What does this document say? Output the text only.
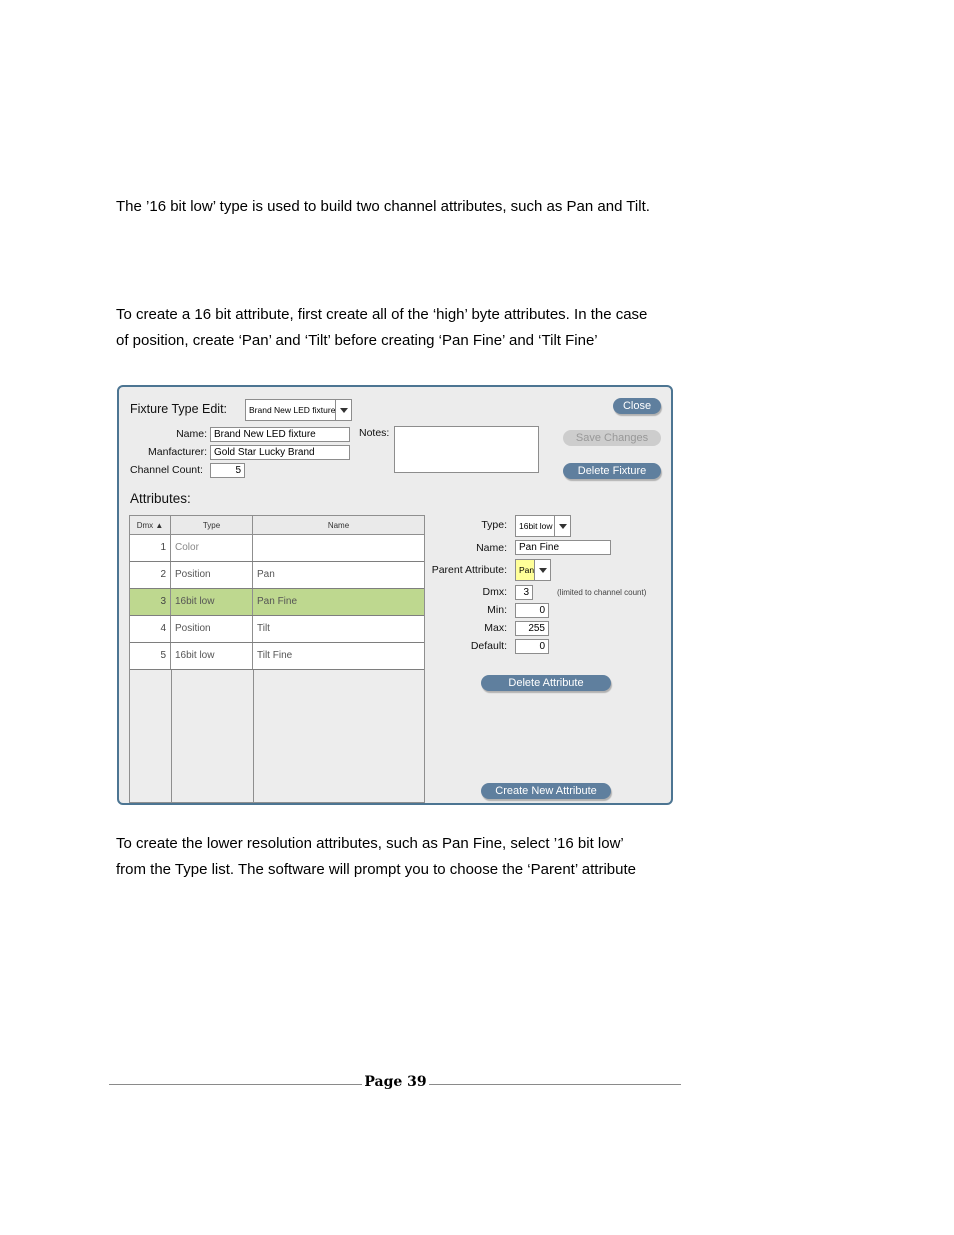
The ’16 bit low’ type is used to build two channel attributes, such as Pan and Tilt.

To create a 16 bit attribute, first create all of the ‘high’ byte attributes. In the case
of position, create ‘Pan’ and ‘Tilt’ before creating ‘Pan Fine’ and ‘Tilt Fine’

Fixture Type Edit:	Brand New LED fixture	Close
Save Changes
Delete Fixture
Name: Brand New LED fixture
Manfacturer: Gold Star Lucky Brand
Channel Count:	5
Notes:
Attributes:
Dmx ▲	Type	Name
1 Color
2 Position	Pan
3 16bit low	Pan Fine
4 Position	Tilt
5 16bit low	Tilt Fine
Type:	16bit low
Name:	Pan Fine
Parent Attribute:	Pan
Dmx:	3	(limited to channel count)
Min:	0
Max:	255
Default:	0
Delete Attribute
Create New Attribute

To create the lower resolution attributes, such as Pan Fine, select ’16 bit low’
from the Type list. The software will prompt you to choose the ‘Parent’ attribute

Page 39
